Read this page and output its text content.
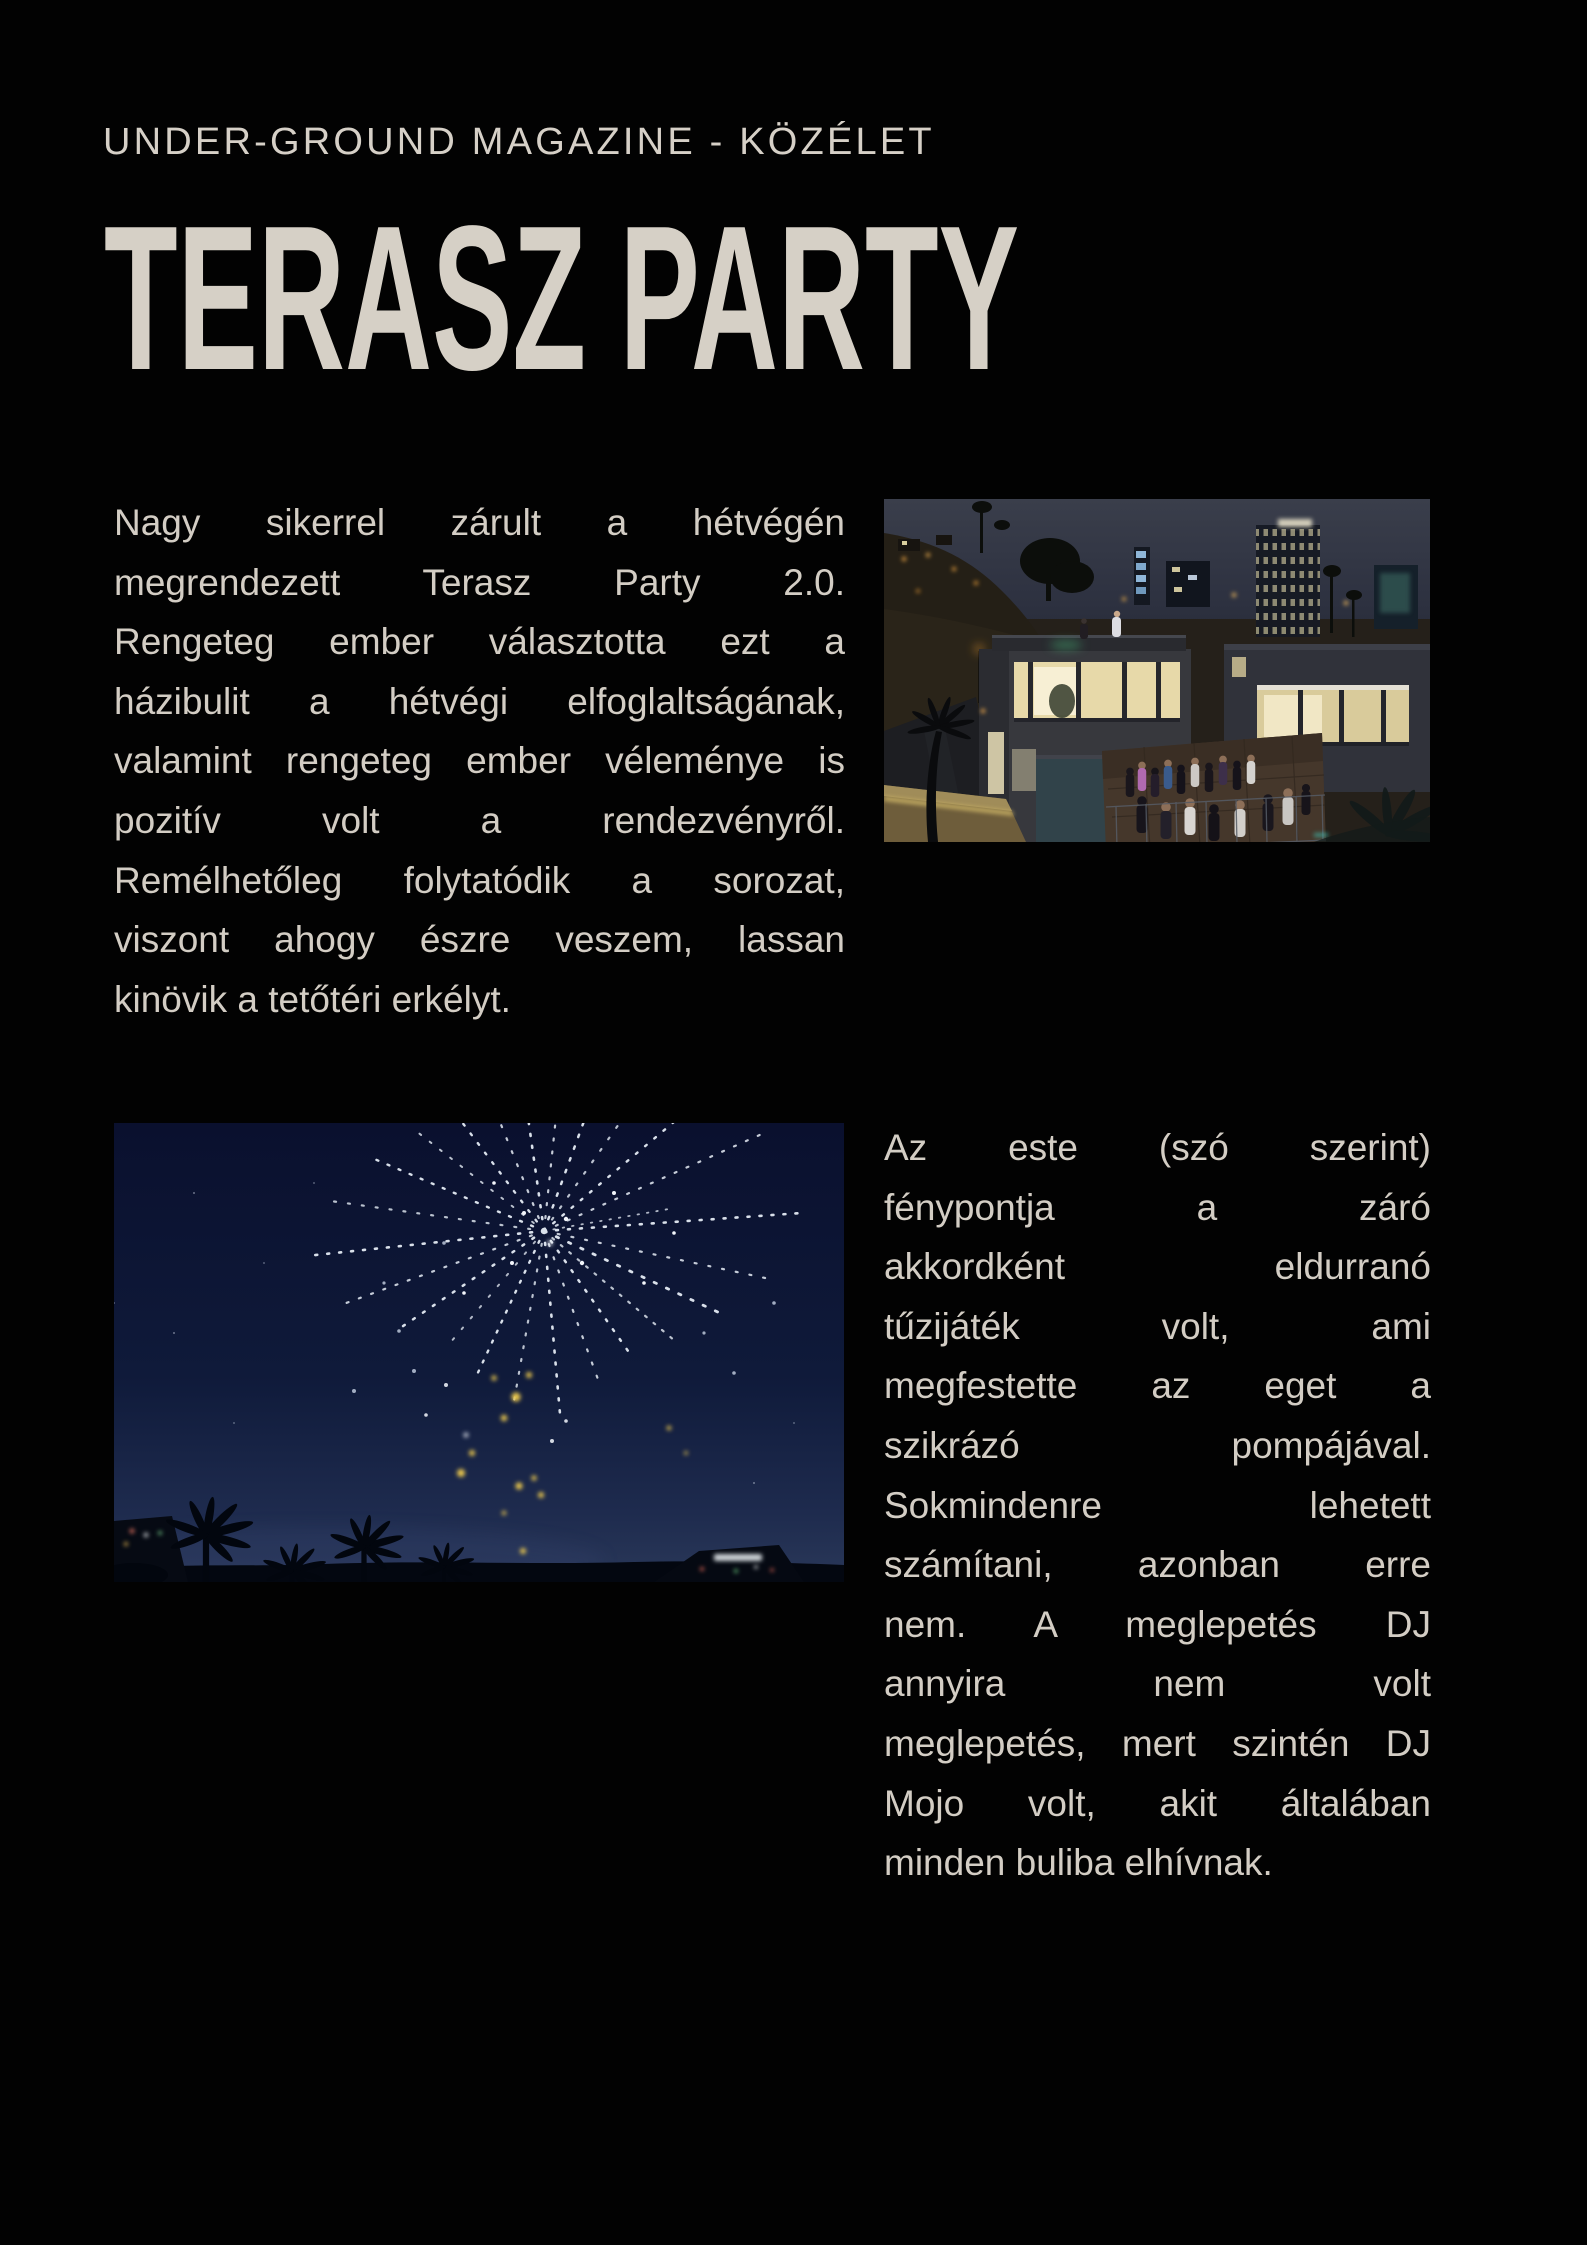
UNDER-GROUND MAGAZINE - KÖZÉLET
TERASZ PARTY
Nagy sikerrel zárult a hétvégén
megrendezett Terasz Party 2.0.
Rengeteg ember választotta ezt a
házibulit a hétvégi elfoglaltságának,
valamint rengeteg ember véleménye is
pozitív volt a rendezvényről.
Remélhetőleg folytatódik a sorozat,
viszont ahogy észre veszem, lassan
kinövik a tetőtéri erkélyt.
Az este (szó szerint)
fénypontja a záró
akkordként eldurranó
tűzijáték volt, ami
megfestette az eget a
szikrázó pompájával.
Sokmindenre lehetett
számítani, azonban erre
nem. A meglepetés DJ
annyira nem volt
meglepetés, mert szintén DJ
Mojo volt, akit általában
minden buliba elhívnak.
